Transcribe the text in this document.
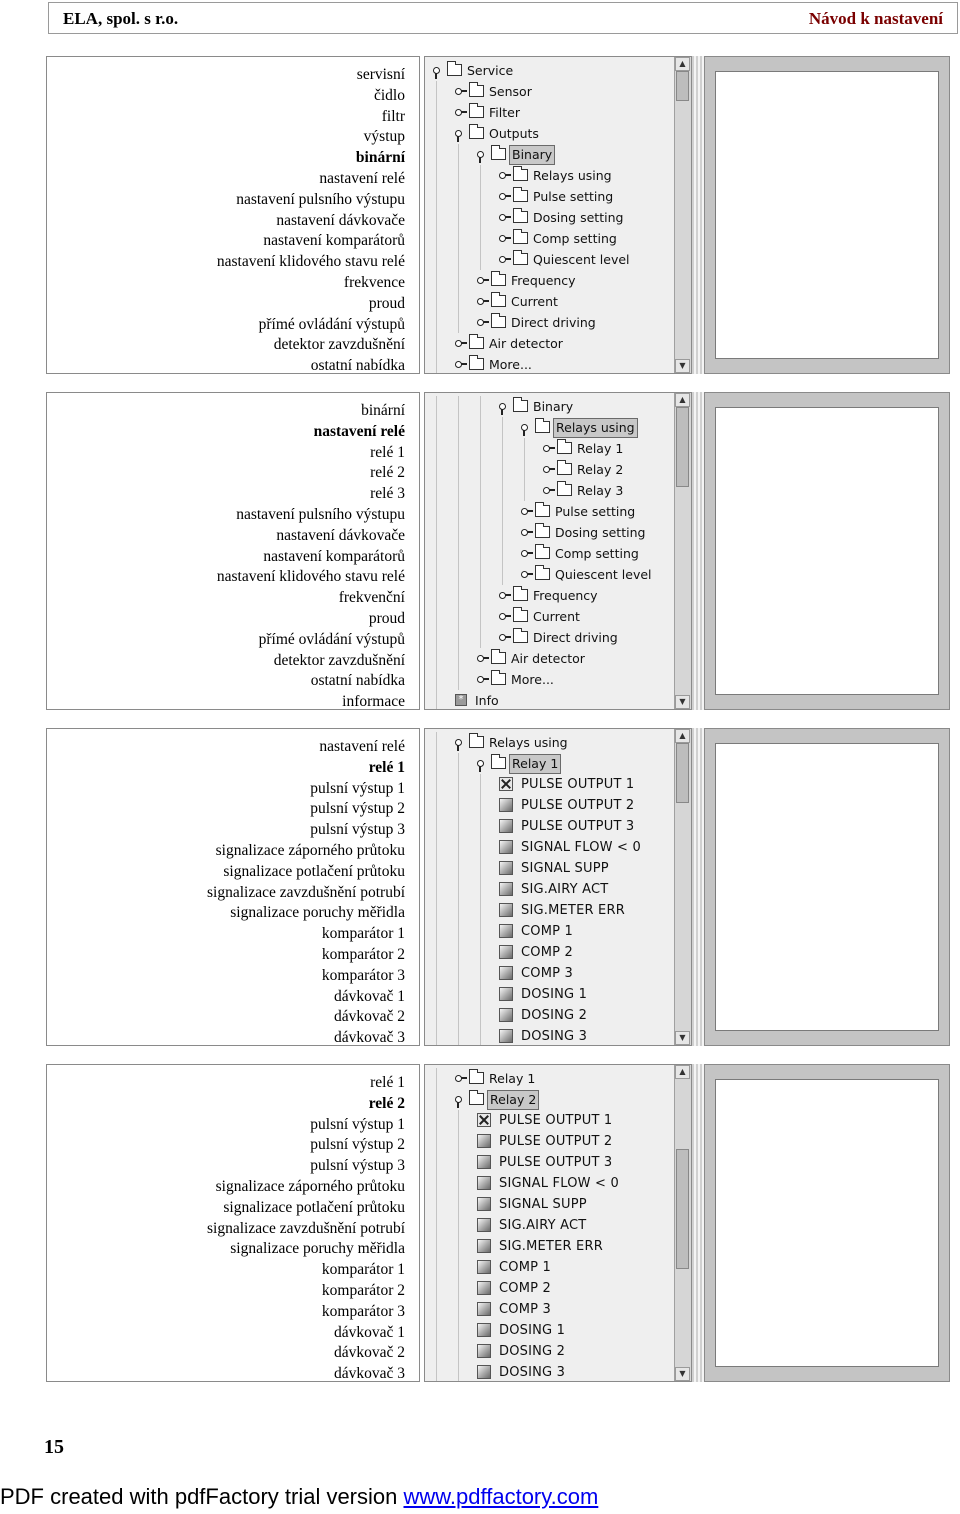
ELA, spol. s r.o.	Návod k nastavení
servisní
čidlo
filtr
výstup
binární
nastavení relé
nastavení pulsního výstupu
nastavení dávkovače
nastavení komparátorů
nastavení klidového stavu relé
frekvence
proud
přímé ovládání výstupů
detektor zavzdušnění
ostatní nabídka
Service
Sensor
Filter
Outputs
Binary
Relays using
Pulse setting
Dosing setting
Comp setting
Quiescent level
Frequency
Current
Direct driving
Air detector
More...
▲
▼
binární
nastavení relé
relé 1
relé 2
relé 3
nastavení pulsního výstupu
nastavení dávkovače
nastavení komparátorů
nastavení klidového stavu relé
frekvenční
proud
přímé ovládání výstupů
detektor zavzdušnění
ostatní nabídka
informace
Binary
Relays using
Relay 1
Relay 2
Relay 3
Pulse setting
Dosing setting
Comp setting
Quiescent level
Frequency
Current
Direct driving
Air detector
More...
* Info
▲
▼
nastavení relé
relé 1
pulsní výstup 1
pulsní výstup 2
pulsní výstup 3
signalizace záporného průtoku
signalizace potlačení průtoku
signalizace zavzdušnění potrubí
signalizace poruchy měřidla
komparátor 1
komparátor 2
komparátor 3
dávkovač 1
dávkovač 2
dávkovač 3
Relays using
Relay 1
PULSE OUTPUT 1
PULSE OUTPUT 2
PULSE OUTPUT 3
SIGNAL FLOW < 0
SIGNAL SUPP
SIG.AIRY ACT
SIG.METER ERR
COMP 1
COMP 2
COMP 3
DOSING 1
DOSING 2
DOSING 3
▲
▼
relé 1
relé 2
pulsní výstup 1
pulsní výstup 2
pulsní výstup 3
signalizace záporného průtoku
signalizace potlačení průtoku
signalizace zavzdušnění potrubí
signalizace poruchy měřidla
komparátor 1
komparátor 2
komparátor 3
dávkovač 1
dávkovač 2
dávkovač 3
Relay 1
Relay 2
PULSE OUTPUT 1
PULSE OUTPUT 2
PULSE OUTPUT 3
SIGNAL FLOW < 0
SIGNAL SUPP
SIG.AIRY ACT
SIG.METER ERR
COMP 1
COMP 2
COMP 3
DOSING 1
DOSING 2
DOSING 3
▲
▼
15
PDF created with pdfFactory trial version www.pdffactory.com
